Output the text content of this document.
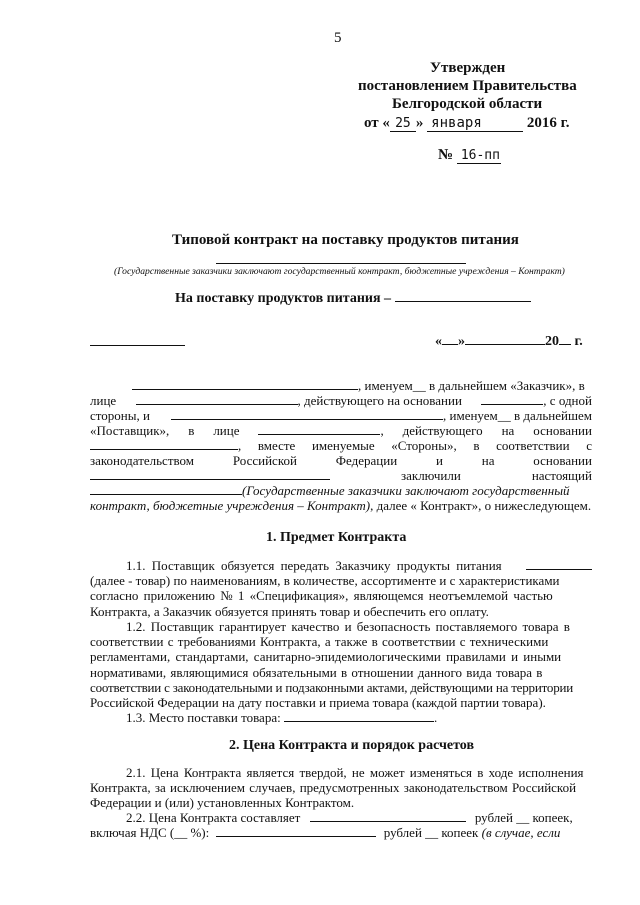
5
Утвержден
постановлением Правительства
Белгородской области
от « 25 » января	2016 г.
№ 16-пп
Типовой контракт на поставку продуктов питания
(Государственные заказчики заключают государственный контракт, бюджетные учреждения – Контракт)
На поставку продуктов питания –
« »	20 г.
, именуем__ в дальнейшем «Заказчик», в
лице	, действующего на основании	, с одной
стороны, и	, именуем__ в дальнейшем
«Поставщик», в лице	, действующего на основании
, вместе именуемые «Стороны», в соответствии с
законодательством	Российской	Федерации	и	на	основании
заключили	настоящий
(Государственные заказчики заключают государственный
контракт, бюджетные учреждения – Контракт), далее « Контракт», о нижеследующем.
1. Предмет Контракта
1.1. Поставщик обязуется передать Заказчику продукты питания
(далее - товар) по наименованиям, в количестве, ассортименте и с характеристиками
согласно приложению № 1 «Спецификация», являющемся неотъемлемой частью
Контракта, а Заказчик обязуется принять товар и обеспечить его оплату.
1.2. Поставщик гарантирует качество и безопасность поставляемого товара в
соответствии с требованиями Контракта, а также в соответствии с техническими
регламентами, стандартами, санитарно-эпидемиологическими правилами и иными
нормативами, являющимися обязательными в отношении данного вида товара в
соответствии с законодательными и подзаконными актами, действующими на территории
Российской Федерации на дату поставки и приема товара (каждой партии товара).
1.3. Место поставки товара:	.
2. Цена Контракта и порядок расчетов
2.1. Цена Контракта является твердой, не может изменяться в ходе исполнения
Контракта, за исключением случаев, предусмотренных законодательством Российской
Федерации и (или) установленных Контрактом.
2.2. Цена Контракта составляет	рублей __ копеек,
включая НДС (__ %):	рублей __ копеек (в случае, если
